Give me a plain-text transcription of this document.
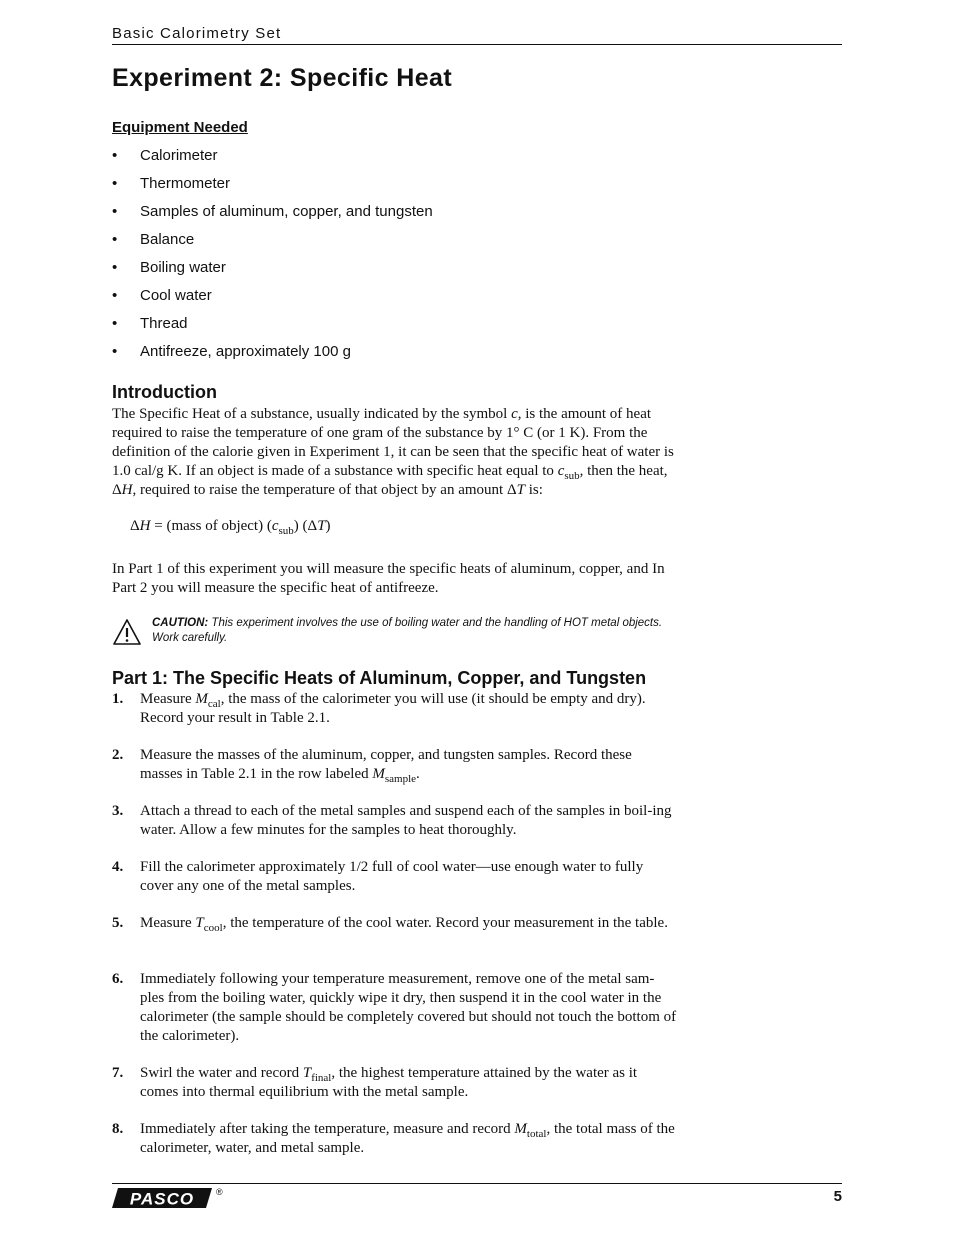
Basic Calorimetry Set
Experiment 2: Specific Heat
Equipment Needed
• Calorimeter
• Thermometer
• Samples of aluminum, copper, and tungsten
• Balance
• Boiling water
• Cool water
• Thread
• Antifreeze, approximately 100 g
Introduction

The Specific Heat of a substance, usually indicated by the symbol c, is the amount of heat required to raise the temperature of one gram of the substance by 1° C (or 1 K). From the definition of the calorie given in Experiment 1, it can be seen that the specific heat of water is 1.0 cal/g K. If an object is made of a substance with specific heat equal to $c_{sub}$, then the heat, ΔH, required to raise the temperature of that object by an amount ΔT is:

ΔH = (mass of object) $(c_{sub})$ (ΔT)

In Part 1 of this experiment you will measure the specific heats of aluminum, copper, and In Part 2 you will measure the specific heat of antifreeze.

CAUTION: This experiment involves the use of boiling water and the handling of HOT metal objects. Work carefully.

Part 1: The Specific Heats of Aluminum, Copper, and Tungsten
1. Measure $M_{cal}$, the mass of the calorimeter you will use (it should be empty and dry). Record your result in Table 2.1.
2. Measure the masses of the aluminum, copper, and tungsten samples. Record these masses in Table 2.1 in the row labeled $M_{sample}$.
3. Attach a thread to each of the metal samples and suspend each of the samples in boil-ing water. Allow a few minutes for the samples to heat thoroughly.
4. Fill the calorimeter approximately 1/2 full of cool water—use enough water to fully cover any one of the metal samples.
5. Measure $T_{cool}$, the temperature of the cool water. Record your measurement in the table.
6. Immediately following your temperature measurement, remove one of the metal sam-ples from the boiling water, quickly wipe it dry, then suspend it in the cool water in the calorimeter (the sample should be completely covered but should not touch the bottom of the calorimeter).
7. Swirl the water and record $T_{final}$, the highest temperature attained by the water as it comes into thermal equilibrium with the metal sample.
8. Immediately after taking the temperature, measure and record $M_{total}$, the total mass of the calorimeter, water, and metal sample.
PASCO ®	5
